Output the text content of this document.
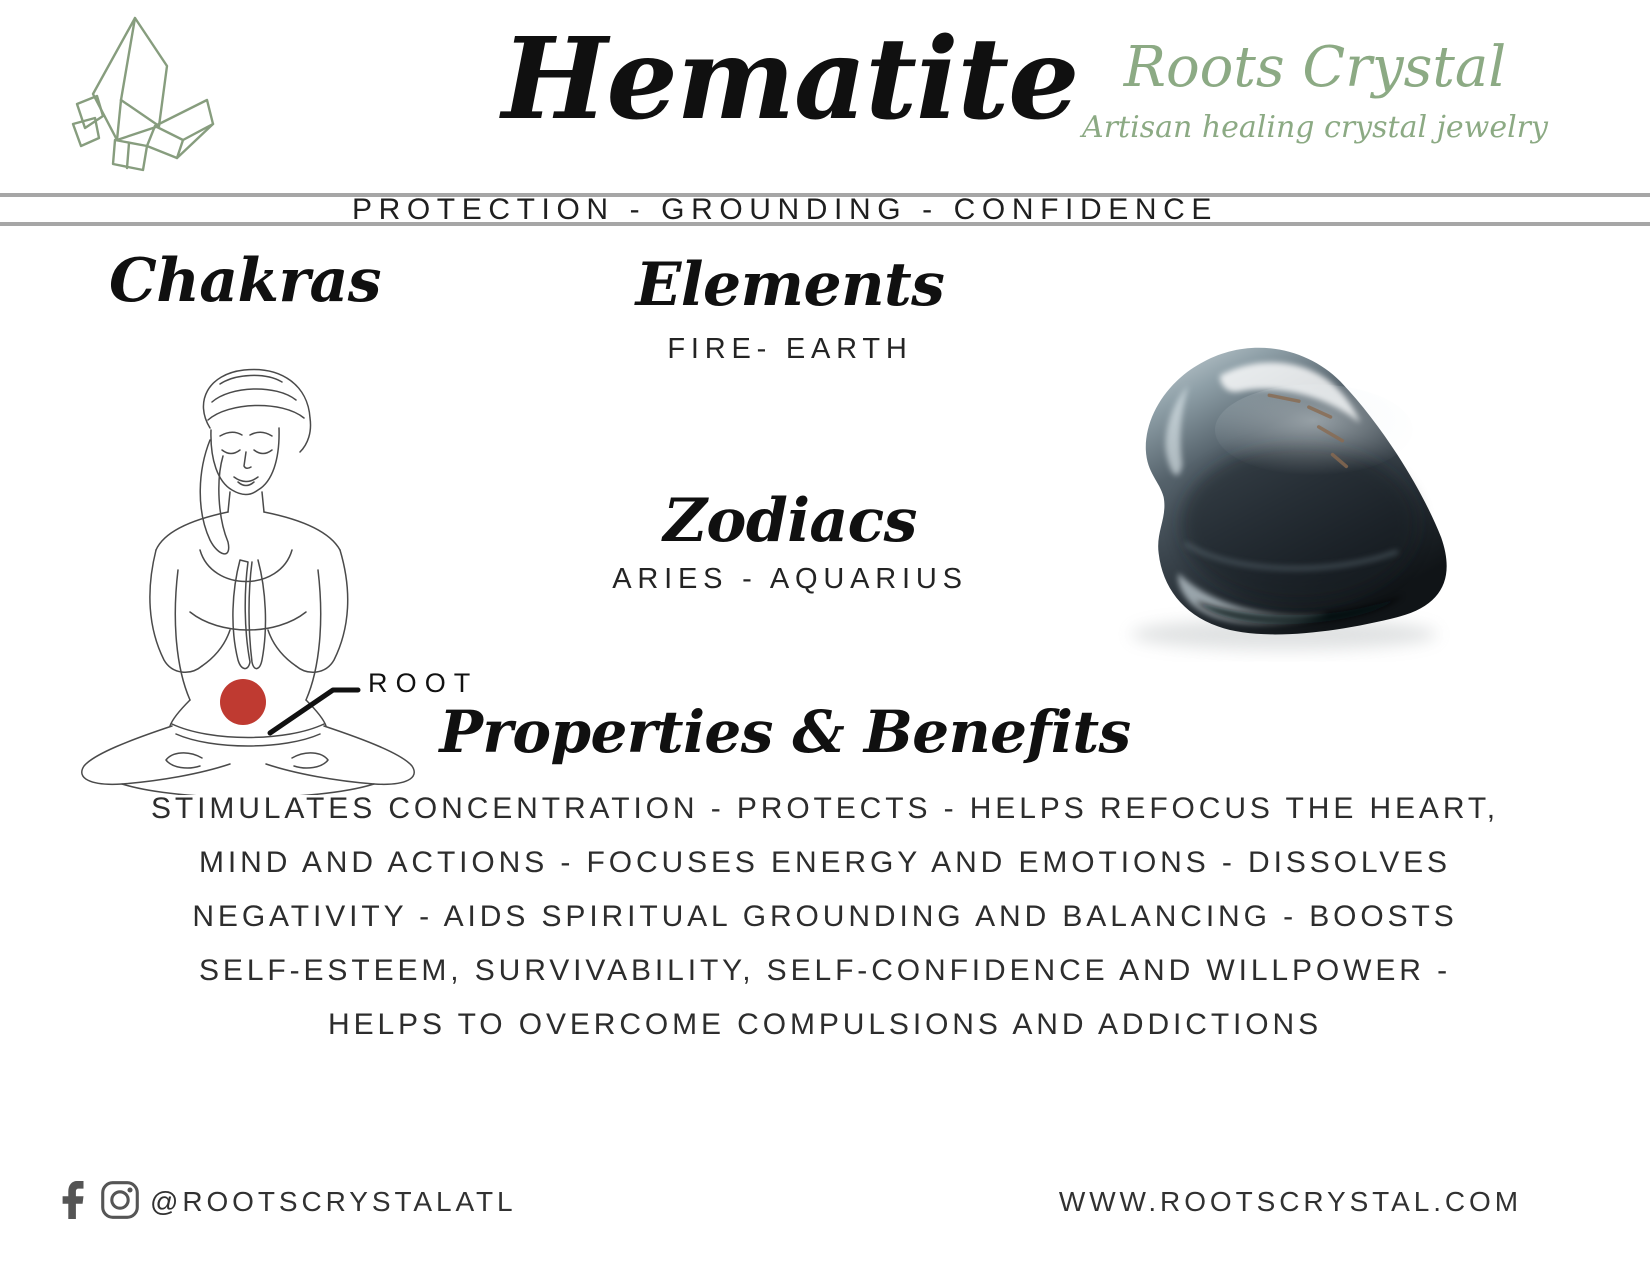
Hematite Roots Crystal
Artisan healing crystal jewelry
PROTECTION - GROUNDING - CONFIDENCE
Chakras
ROOT
Elements
FIRE- EARTH
Zodiacs
ARIES - AQUARIUS
Properties & Benefits
STIMULATES CONCENTRATION - PROTECTS - HELPS REFOCUS THE HEART,
MIND AND ACTIONS - FOCUSES ENERGY AND EMOTIONS - DISSOLVES
NEGATIVITY - AIDS SPIRITUAL GROUNDING AND BALANCING - BOOSTS
SELF-ESTEEM, SURVIVABILITY, SELF-CONFIDENCE AND WILLPOWER -
HELPS TO OVERCOME COMPULSIONS AND ADDICTIONS
@ROOTSCRYSTALATL	WWW.ROOTSCRYSTAL.COM
